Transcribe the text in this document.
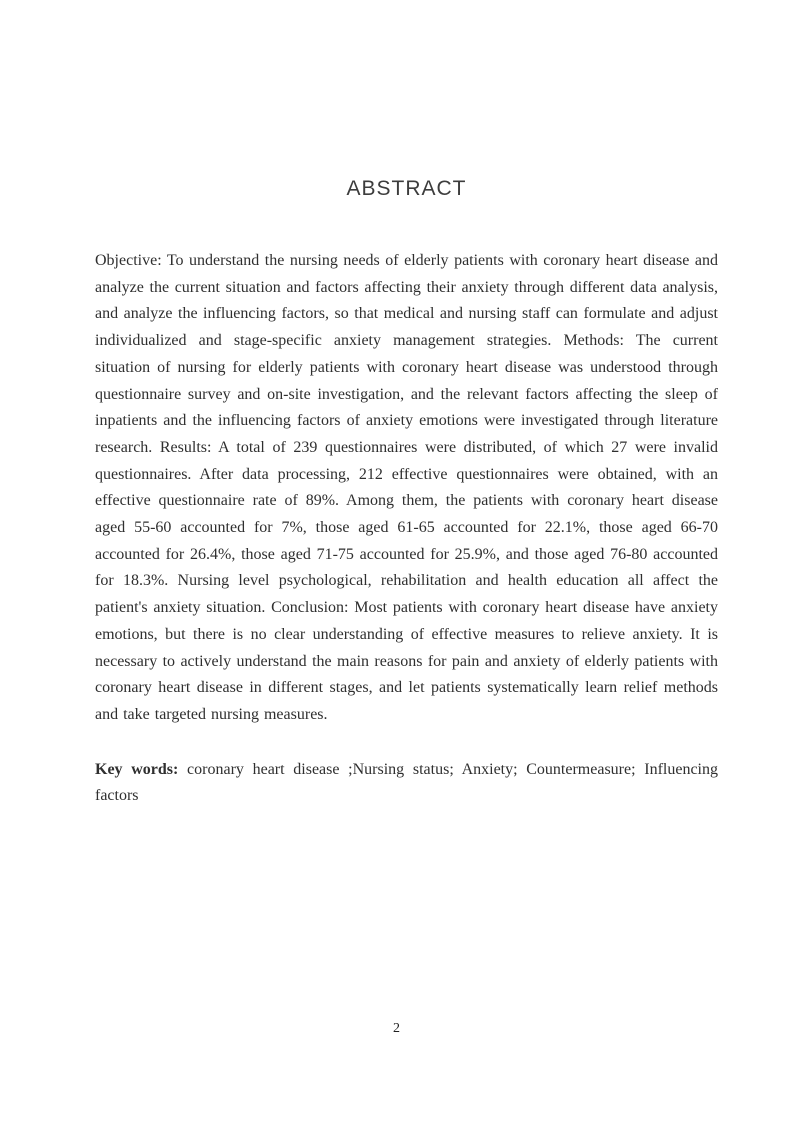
ABSTRACT

Objective: To understand the nursing needs of elderly patients with coronary heart disease and analyze the current situation and factors affecting their anxiety through different data analysis, and analyze the influencing factors, so that medical and nursing staff can formulate and adjust individualized and stage-specific anxiety management strategies. Methods: The current situation of nursing for elderly patients with coronary heart disease was understood through questionnaire survey and on-site investigation, and the relevant factors affecting the sleep of inpatients and the influencing factors of anxiety emotions were investigated through literature research. Results: A total of 239 questionnaires were distributed, of which 27 were invalid questionnaires. After data processing, 212 effective questionnaires were obtained, with an effective questionnaire rate of 89%. Among them, the patients with coronary heart disease aged 55-60 accounted for 7%, those aged 61-65 accounted for 22.1%, those aged 66-70 accounted for 26.4%, those aged 71-75 accounted for 25.9%, and those aged 76-80 accounted for 18.3%. Nursing level psychological, rehabilitation and health education all affect the patient's anxiety situation. Conclusion: Most patients with coronary heart disease have anxiety emotions, but there is no clear understanding of effective measures to relieve anxiety. It is necessary to actively understand the main reasons for pain and anxiety of elderly patients with coronary heart disease in different stages, and let patients systematically learn relief methods and take targeted nursing measures.

Key words: coronary heart disease ;Nursing status; Anxiety; Countermeasure; Influencing factors

2
